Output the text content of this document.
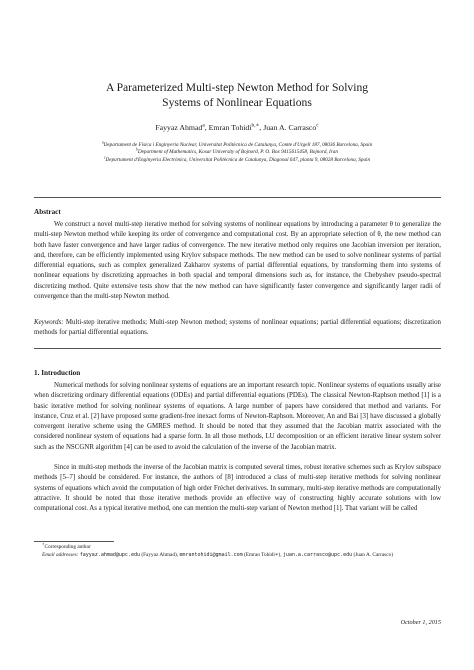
A Parameterized Multi-step Newton Method for Solving
Systems of Nonlinear Equations
Fayyaz Ahmad$^a$, Emran Tohidi$^{b,∗}$, Juan A. Carrasco$^c$
$^a$Departament de Física i Enginyeria Nuclear, Universitat Politècnica de Catalunya, Comte d'Urgell 187, 08036 Barcelona, Spain
$^b$Department of Mathematics, Kosar University of Bojnord, P. O. Box 9415615458, Bojnord, Iran
$^c$Departament d'Enginyeria Electrònica, Universitat Politècnica de Catalunya, Diagonal 647, planta 9, 08028 Barcelona, Spain
Abstract
We construct a novel multi-step iterative method for solving systems of nonlinear equations by introducing a parameter θ to generalize the multi-step Newton method while keeping its order of convergence and computational cost. By an appropriate selection of θ, the new method can both have faster convergence and have larger radius of convergence. The new iterative method only requires one Jacobian inversion per iteration, and, therefore, can be efficiently implemented using Krylov subspace methods. The new method can be used to solve nonlinear systems of partial differential equations, such as complex generalized Zakharov systems of partial differential equations, by transforming them into systems of nonlinear equations by discretizing approaches in both spacial and temporal dimensions such as, for instance, the Chebyshev pseudo-spectral discretizing method. Quite extensive tests show that the new method can have significantly faster convergence and significantly larger radii of convergence than the multi-step Newton method.
Keywords: Multi-step iterative methods; Multi-step Newton method; systems of nonlinear equations; partial differential equations; discretization methods for partial differential equations.
1. Introduction
Numerical methods for solving nonlinear systems of equations are an important research topic. Nonlinear systems of equations usually arise when discretizing ordinary differential equations (ODEs) and partial differential equations (PDEs). The classical Newton-Raphson method [1] is a basic iterative method for solving nonlinear systems of equations. A large number of papers have considered that method and variants. For instance, Cruz et al. [2] have proposed some gradient-free inexact forms of Newton-Raphson. Moreover, An and Bai [3] have discussed a globally convergent iterative scheme using the GMRES method. It should be noted that they assumed that the Jacobian matrix associated with the considered nonlinear system of equations had a sparse form. In all those methods, LU decomposition or an efficient iterative linear system solver such as the NSCGNR algorithm [4] can be used to avoid the calculation of the inverse of the Jacobian matrix.
Since in multi-step methods the inverse of the Jacobian matrix is computed several times, robust iterative schemes such as Krylov subspace methods [5–7] should be considered. For instance, the authors of [8] introduced a class of multi-step iterative methods for solving nonlinear systems of equations which avoid the computation of high order Fréchet derivatives. In summary, multi-step iterative methods are computationally attractive. It should be noted that those iterative methods provide an effective way of constructing highly accurate solutions with low computational cost. As a typical iterative method, one can mention the multi-step variant of Newton method [1]. That variant will be called
∗Corresponding author
Email addresses: fayyaz.ahmad@upc.edu (Fayyaz Ahmad), emrantohidi@gmail.com (Emran Tohidi∗), juan.a.carrasco@upc.edu (Juan A. Carrasco)
October 1, 2015
